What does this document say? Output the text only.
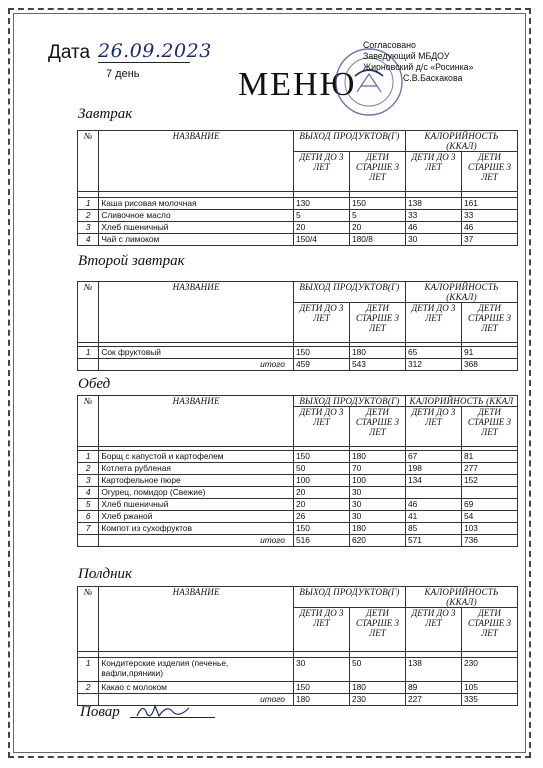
Дата 26.09.2023
7 день	МЕНЮ
Согласовано
Заведующий МБДОУ
Жирновский д/с «Росинка»
С.В.Баскакова
Завтрак
№	НАЗВАНИЕ	ВЫХОД ПРОДУКТОВ(Г)		КАЛОРИЙНОСТЬ (ККАЛ)	
		ДЕТИ ДО 3 ЛЕТ	ДЕТИ СТАРШЕ 3 ЛЕТ	ДЕТИ ДО 3 ЛЕТ	ДЕТИ СТАРШЕ 3 ЛЕТ

1	Каша рисовая молочная	130	150	138	161
2	Сливочное масло	5	5	33	33
3	Хлеб пшеничный	20	20	46	46
4	Чай с лимоком	150/4	180/8	30	37
Второй завтрак
№	НАЗВАНИЕ	ВЫХОД ПРОДУКТОВ(Г)		КАЛОРИЙНОСТЬ (ККАЛ)	
		ДЕТИ ДО 3 ЛЕТ	ДЕТИ СТАРШЕ 3 ЛЕТ	ДЕТИ ДО 3 ЛЕТ	ДЕТИ СТАРШЕ 3 ЛЕТ

1	Сок фруктовый	150	180	65	91
	итого	459	543	312	368
Обед
№	НАЗВАНИЕ	ВЫХОД ПРОДУКТОВ(Г)		КАЛОРИЙНОСТЬ (ККАЛ	
		ДЕТИ ДО 3 ЛЕТ	ДЕТИ СТАРШЕ 3 ЛЕТ	ДЕТИ ДО 3 ЛЕТ	ДЕТИ СТАРШЕ 3 ЛЕТ

1	Борщ с капустой и картофелем	150	180	67	81
2	Котлета рубленая	50	70	198	277
3	Картофельное пюре	100	100	134	152
4	Огурец, помидор (Свежие)	20	30		
5	Хлеб пшеничный	20	30	46	69
6	Хлеб ржаной	26	30	41	54
7	Компот из сухофруктов	150	180	85	103
	итого	516	620	571	736
Полдник
№	НАЗВАНИЕ	ВЫХОД ПРОДУКТОВ(Г)		КАЛОРИЙНОСТЬ (ККАЛ)	
		ДЕТИ ДО 3 ЛЕТ	ДЕТИ СТАРШЕ 3 ЛЕТ	ДЕТИ ДО 3 ЛЕТ	ДЕТИ СТАРШЕ 3 ЛЕТ

1	Кондитерские изделия (печенье, вафли,пряники)	30	50	138	230
2	Какао с молоком	150	180	89	105
	итого	180	230	227	335
Повар
